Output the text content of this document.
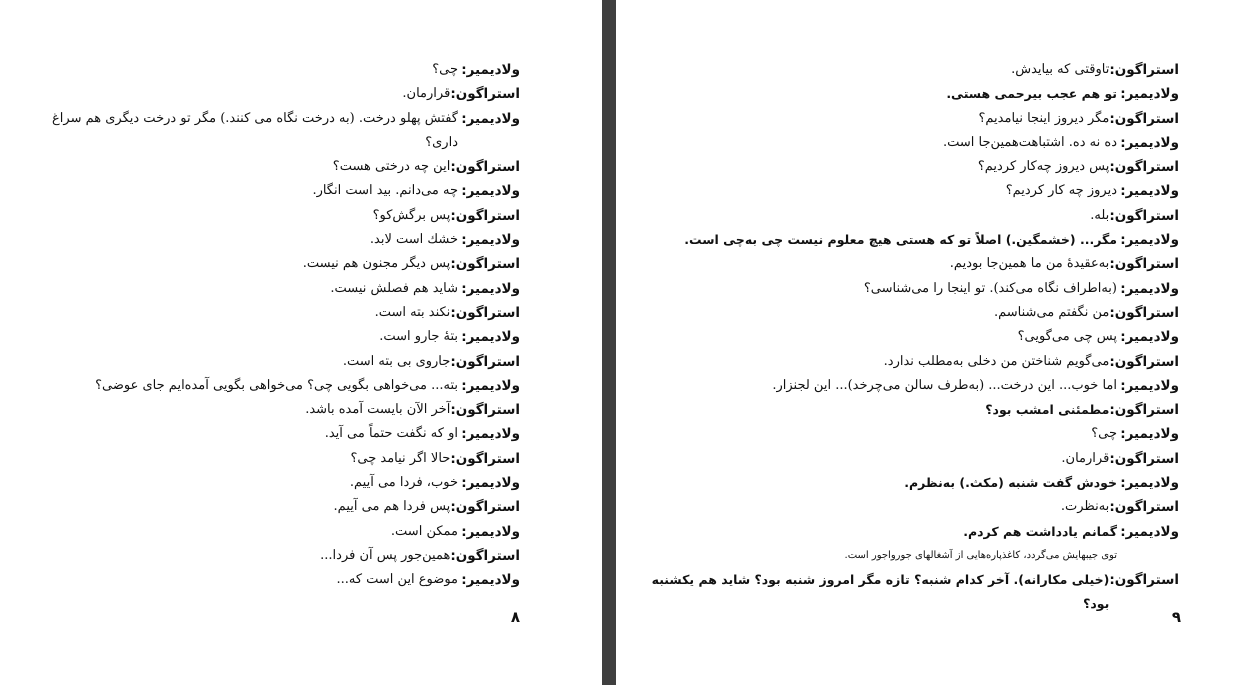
ولادیمیر:
چی؟
استراگون:
قرارمان.
ولادیمیر:
گفتش پهلو درخت. (به درخت نگاه می کنند.) مگر تو درخت دیگری هم سراغ داری؟
استراگون:
این چه درختی هست؟
ولادیمیر:
چه می‌دانم. بید است انگار.
استراگون:
پس برگش‌کو؟
ولادیمیر:
خشك است لابد.
استراگون:
پس دیگر مجنون هم نیست.
ولادیمیر:
شاید هم فصلش نیست.
استراگون:
نکند بته است.
ولادیمیر:
بتهٔ جارو است.
استراگون:
جاروی بی بته است.
ولادیمیر:
بته... می‌خواهی بگویی چی؟ می‌خواهی بگویی آمده‌ایم جای عوضی؟
استراگون:
آخر الآن بایست آمده باشد.
ولادیمیر:
او که نگفت حتماً می آید.
استراگون:
حالا اگر نیامد چی؟
ولادیمیر:
خوب، فردا می آییم.
استراگون:
پس فردا هم می آییم.
ولادیمیر:
ممکن است.
استراگون:
همین‌جور پس آن فردا...
ولادیمیر:
موضوع این است که...
۸
استراگون:
تاوقتی که بیایدش.
ولادیمیر:
تو هم عجب بیرحمی هستی.
استراگون:
مگر دیروز اینجا نیامدیم؟
ولادیمیر:
ده نه ده. اشتباهت‌همین‌جا است.
استراگون:
پس دیروز چه‌کار کردیم؟
ولادیمیر:
دیروز چه کار کردیم؟
استراگون:
بله.
ولادیمیر:
مگر... (خشمگین.) اصلاً تو که هستی هیچ معلوم نیست چی به‌چی است.
استراگون:
به‌عقیدهٔ من ما همین‌جا بودیم.
ولادیمیر:
(به‌اطراف نگاه می‌کند). تو اینجا را می‌شناسی؟
استراگون:
من نگفتم می‌شناسم.
ولادیمیر:
پس چی می‌گویی؟
استراگون:
می‌گویم شناختن من دخلی به‌مطلب ندارد.
ولادیمیر:
اما خوب... این درخت... (به‌طرف سالن می‌چرخد)... این لجنزار.
استراگون:
مطمئنی امشب بود؟
ولادیمیر:
چی؟
استراگون:
قرارمان.
ولادیمیر:
خودش گفت شنبه (مکث.) به‌نظرم.
استراگون:
به‌نظرت.
ولادیمیر:
گمانم یادداشت هم کردم.
توی جیبهایش می‌گردد، کاغذپاره‌هایی از آشغالهای جورواجور است.
استراگون:
(خیلی مکارانه). آخر کدام شنبه؟ تازه مگر امروز شنبه بود؟ شاید هم یکشنبه بود؟
۹
